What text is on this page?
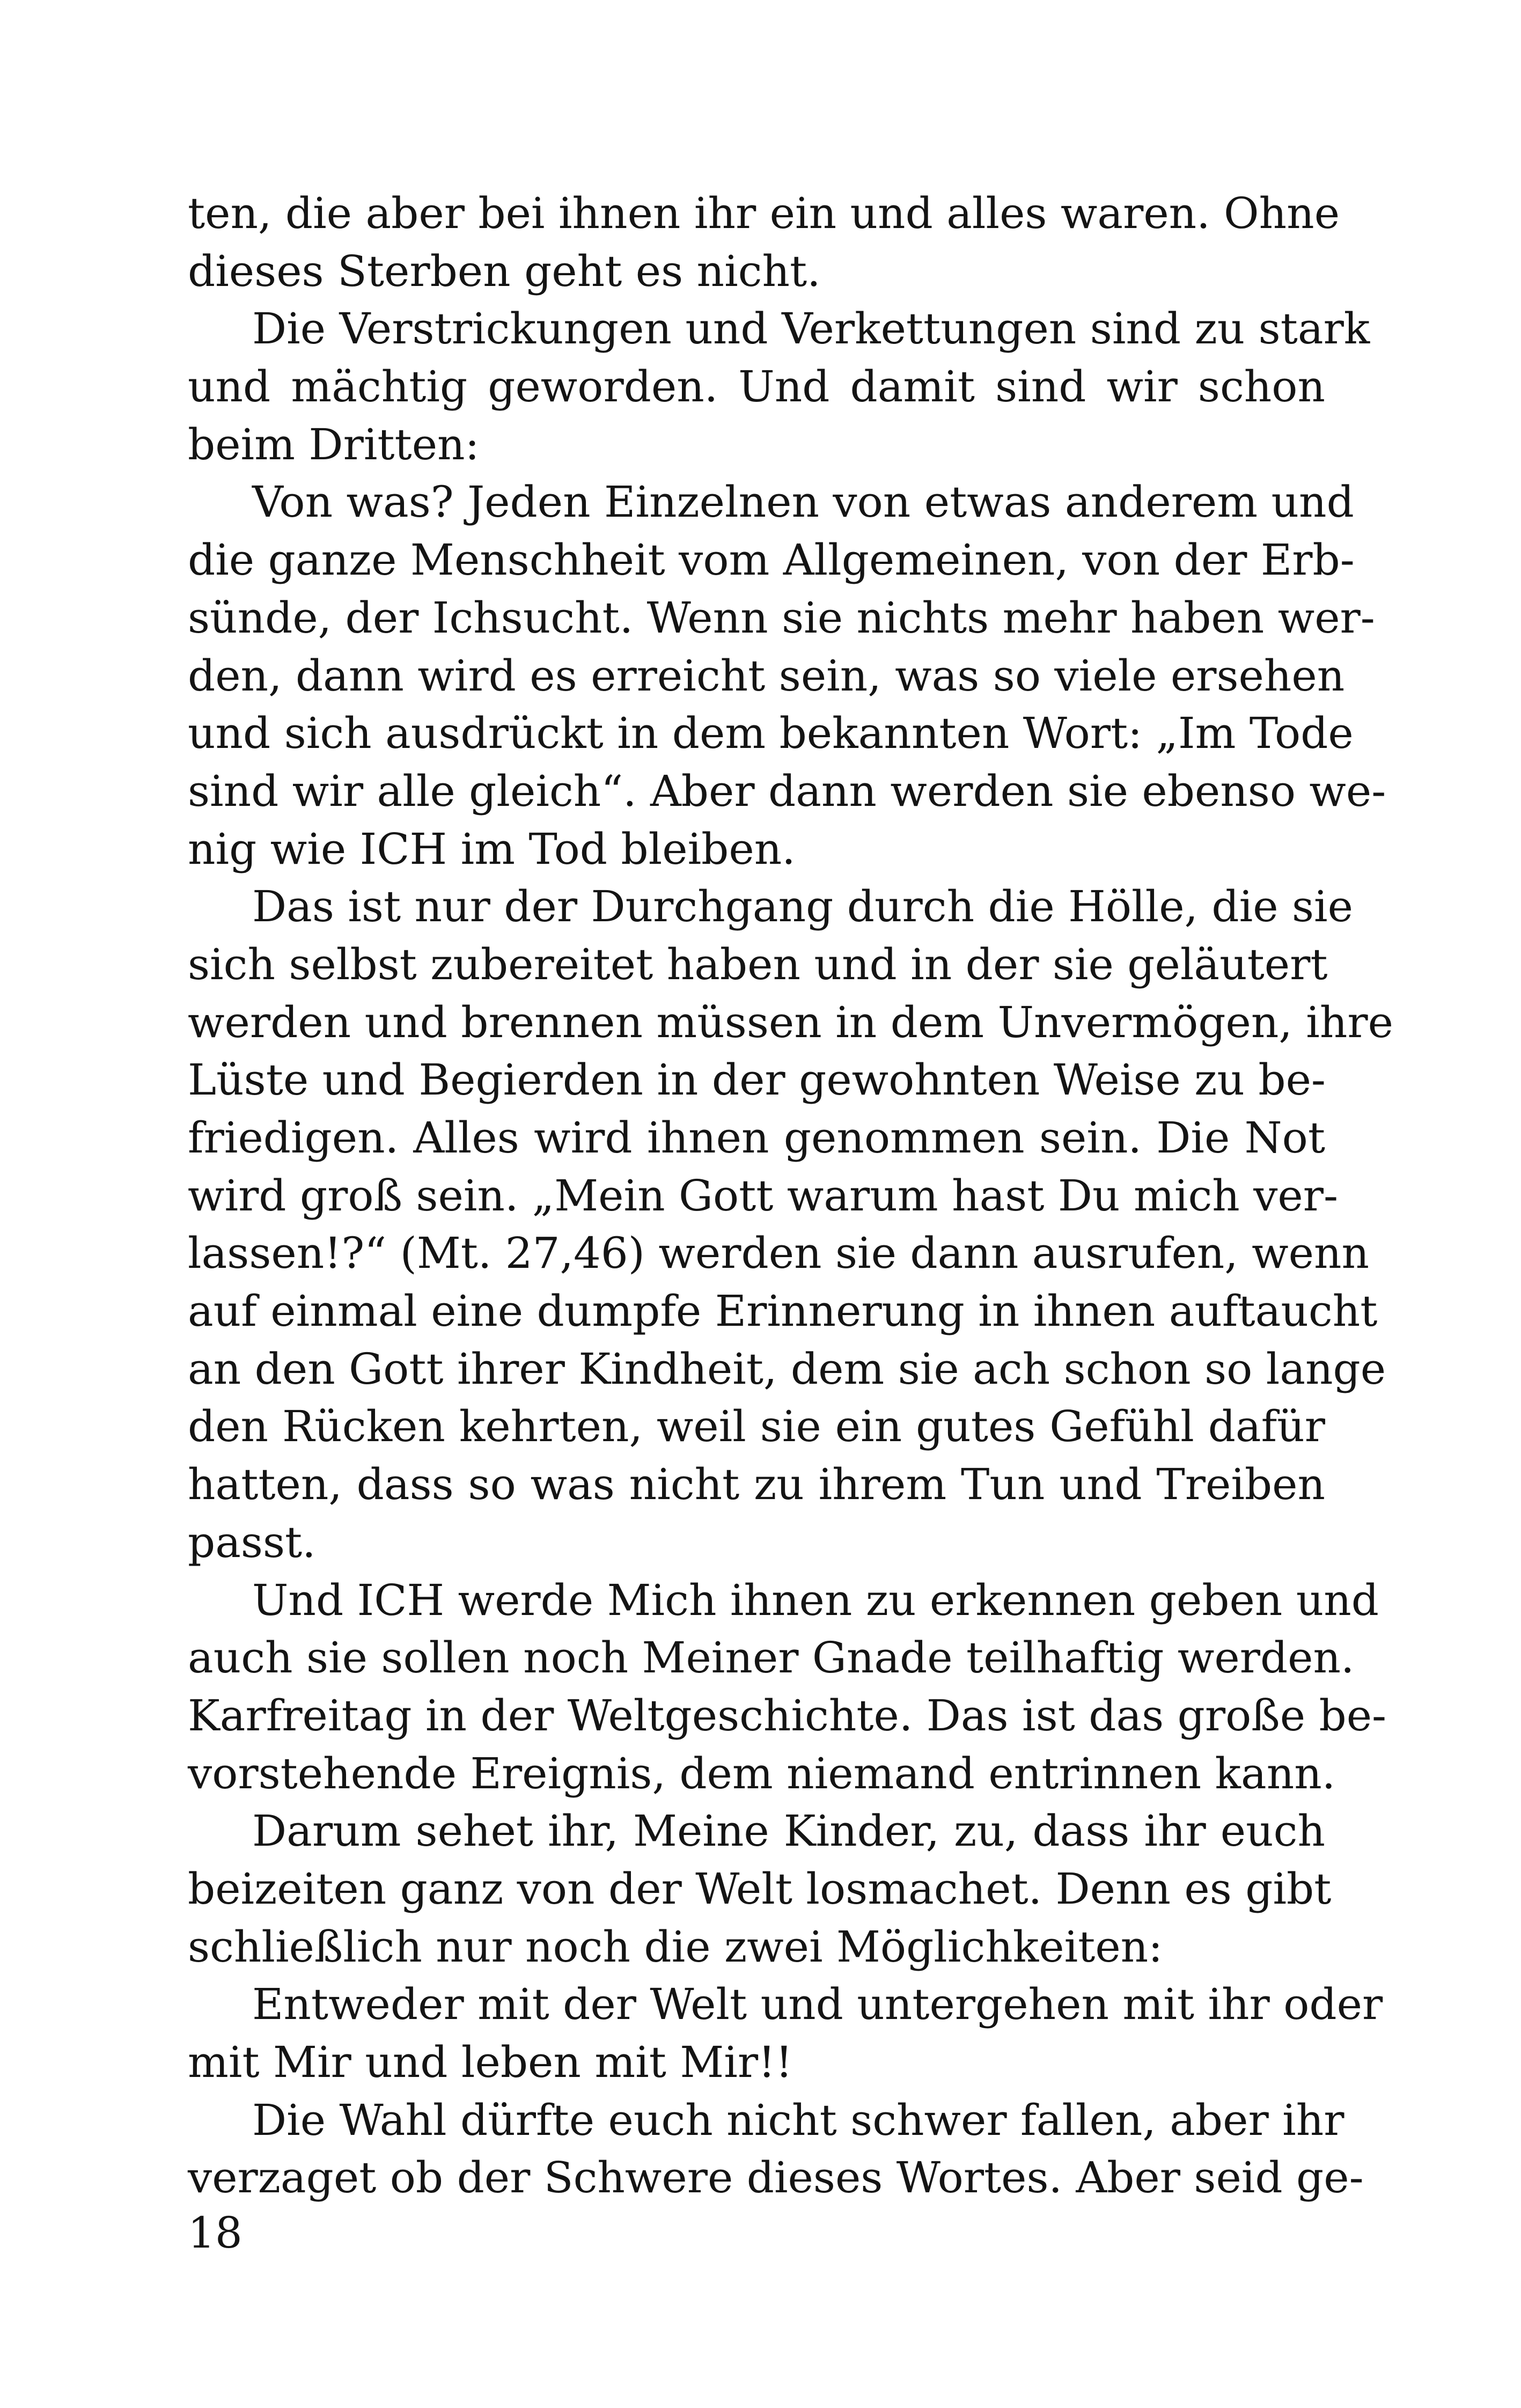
ten, die aber bei ihnen ihr ein und alles waren. Ohne
dieses Sterben geht es nicht.
Die Verstrickungen und Verkettungen sind zu stark
und mächtig geworden. Und damit sind wir schon
beim Dritten:
Von was? Jeden Einzelnen von etwas anderem und
die ganze Menschheit vom Allgemeinen, von der Erb-
sünde, der Ichsucht. Wenn sie nichts mehr haben wer-
den, dann wird es erreicht sein, was so viele ersehen
und sich ausdrückt in dem bekannten Wort: „Im Tode
sind wir alle gleich“. Aber dann werden sie ebenso we-
nig wie ICH im Tod bleiben.
Das ist nur der Durchgang durch die Hölle, die sie
sich selbst zubereitet haben und in der sie geläutert
werden und brennen müssen in dem Unvermögen, ihre
Lüste und Begierden in der gewohnten Weise zu be-
friedigen. Alles wird ihnen genommen sein. Die Not
wird groß sein. „Mein Gott warum hast Du mich ver-
lassen!?“ (Mt. 27,46) werden sie dann ausrufen, wenn
auf einmal eine dumpfe Erinnerung in ihnen auftaucht
an den Gott ihrer Kindheit, dem sie ach schon so lange
den Rücken kehrten, weil sie ein gutes Gefühl dafür
hatten, dass so was nicht zu ihrem Tun und Treiben
passt.
Und ICH werde Mich ihnen zu erkennen geben und
auch sie sollen noch Meiner Gnade teilhaftig werden.
Karfreitag in der Weltgeschichte. Das ist das große be-
vorstehende Ereignis, dem niemand entrinnen kann.
Darum sehet ihr, Meine Kinder, zu, dass ihr euch
beizeiten ganz von der Welt losmachet. Denn es gibt
schließlich nur noch die zwei Möglichkeiten:
Entweder mit der Welt und untergehen mit ihr oder
mit Mir und leben mit Mir!!
Die Wahl dürfte euch nicht schwer fallen, aber ihr
verzaget ob der Schwere dieses Wortes. Aber seid ge-
18
